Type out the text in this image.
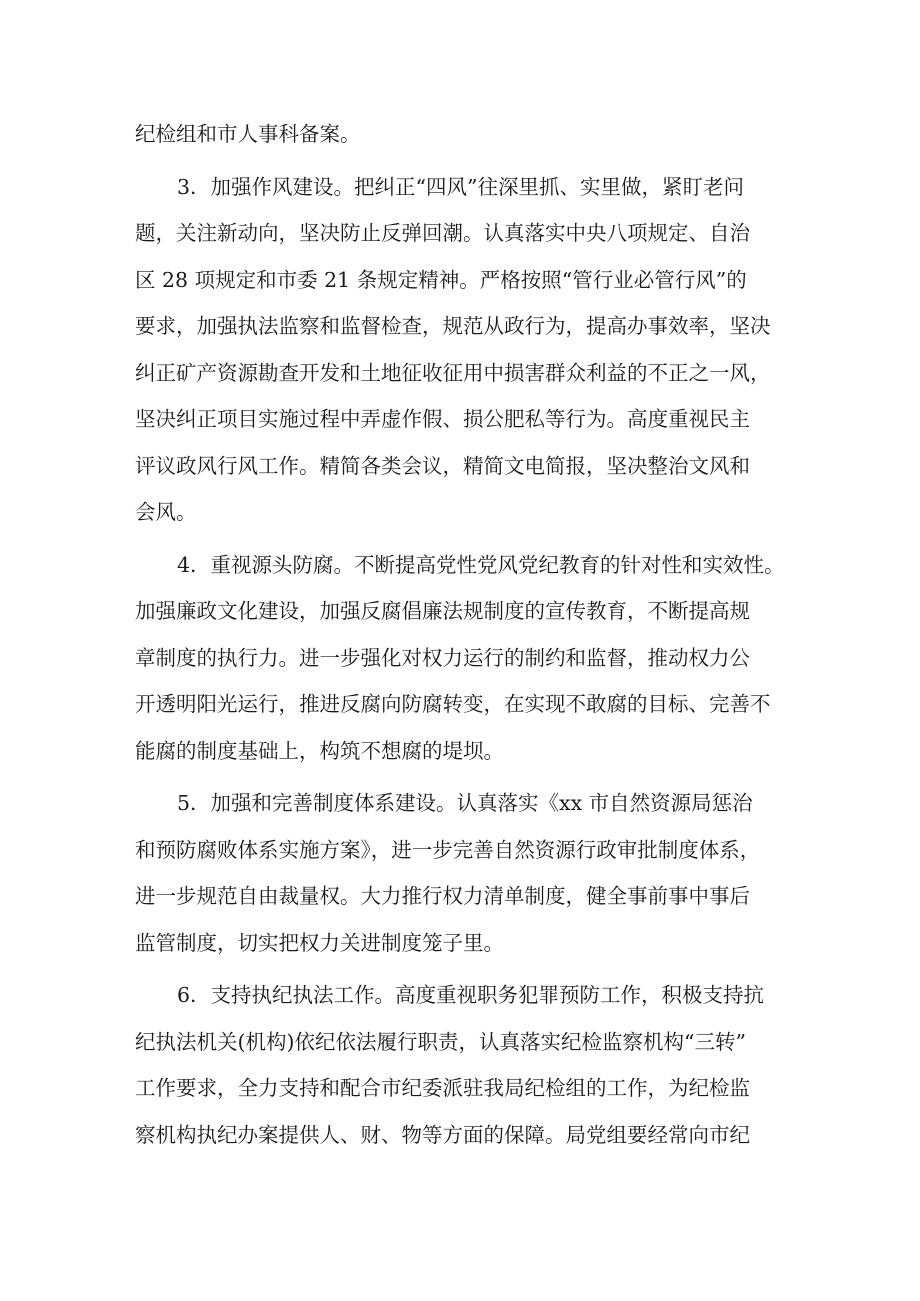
纪检组和市人事科备案。
3．加强作风建设。把纠正“四风”往深里抓、实里做，紧盯老问
题，关注新动向，坚决防止反弹回潮。认真落实中央八项规定、自治
区 28 项规定和市委 21 条规定精神。严格按照“管行业必管行风”的
要求，加强执法监察和监督检查，规范从政行为，提高办事效率，坚决
纠正矿产资源勘查开发和土地征收征用中损害群众利益的不正之一风，
坚决纠正项目实施过程中弄虚作假、损公肥私等行为。高度重视民主
评议政风行风工作。精简各类会议，精简文电简报，坚决整治文风和
会风。
4．重视源头防腐。不断提高党性党风党纪教育的针对性和实效性。
加强廉政文化建设，加强反腐倡廉法规制度的宣传教育，不断提高规
章制度的执行力。进一步强化对权力运行的制约和监督，推动权力公
开透明阳光运行，推进反腐向防腐转变，在实现不敢腐的目标、完善不
能腐的制度基础上，构筑不想腐的堤坝。
5．加强和完善制度体系建设。认真落实《xx 市自然资源局惩治
和预防腐败体系实施方案》，进一步完善自然资源行政审批制度体系，
进一步规范自由裁量权。大力推行权力清单制度，健全事前事中事后
监管制度，切实把权力关进制度笼子里。
6．支持执纪执法工作。高度重视职务犯罪预防工作，积极支持抗
纪执法机关(机构)依纪依法履行职责，认真落实纪检监察机构“三转”
工作要求，全力支持和配合市纪委派驻我局纪检组的工作，为纪检监
察机构执纪办案提供人、财、物等方面的保障。局党组要经常向市纪
